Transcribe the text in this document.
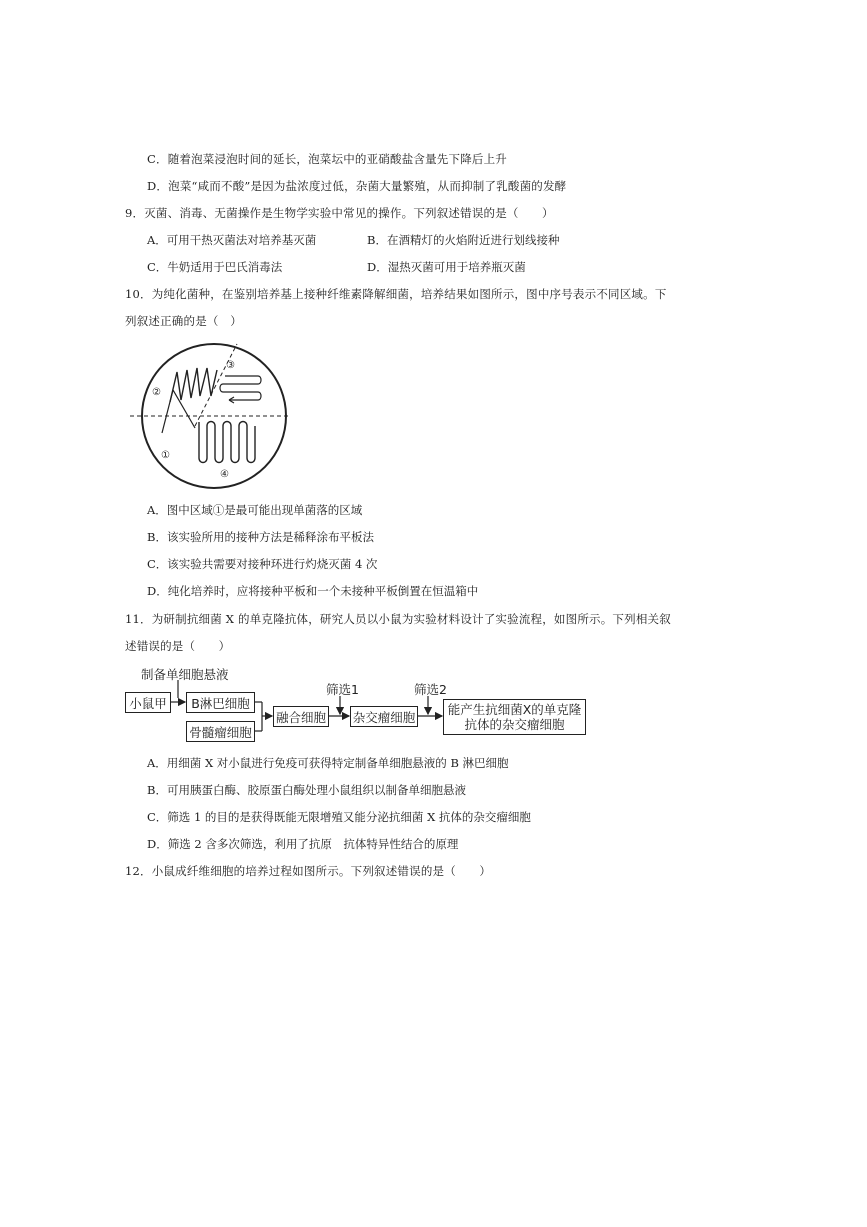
C．随着泡菜浸泡时间的延长，泡菜坛中的亚硝酸盐含量先下降后上升
D．泡菜“咸而不酸”是因为盐浓度过低，杂菌大量繁殖，从而抑制了乳酸菌的发酵
9．灭菌、消毒、无菌操作是生物学实验中常见的操作。下列叙述错误的是（　　）
A．可用干热灭菌法对培养基灭菌	B．在酒精灯的火焰附近进行划线接种
C．牛奶适用于巴氏消毒法	D．湿热灭菌可用于培养瓶灭菌
10．为纯化菌种，在鉴别培养基上接种纤维素降解细菌，培养结果如图所示，图中序号表示不同区域。下
列叙述正确的是（　）
②
③
①
④
A．图中区域①是最可能出现单菌落的区域
B．该实验所用的接种方法是稀释涂布平板法
C．该实验共需要对接种环进行灼烧灭菌 4 次
D．纯化培养时，应将接种平板和一个未接种平板倒置在恒温箱中
11．为研制抗细菌 X 的单克隆抗体，研究人员以小鼠为实验材料设计了实验流程，如图所示。下列相关叙
述错误的是（　　）
制备单细胞悬液
小鼠甲	B淋巴细胞
骨髓瘤细胞
融合细胞
筛选1
杂交瘤细胞
筛选2
能产生抗细菌X的单克隆
抗体的杂交瘤细胞
A．用细菌 X 对小鼠进行免疫可获得特定制备单细胞悬液的 B 淋巴细胞
B．可用胰蛋白酶、胶原蛋白酶处理小鼠组织以制备单细胞悬液
C．筛选 1 的目的是获得既能无限增殖又能分泌抗细菌 X 抗体的杂交瘤细胞
D．筛选 2 含多次筛选，利用了抗原　抗体特异性结合的原理
12．小鼠成纤维细胞的培养过程如图所示。下列叙述错误的是（　　）
